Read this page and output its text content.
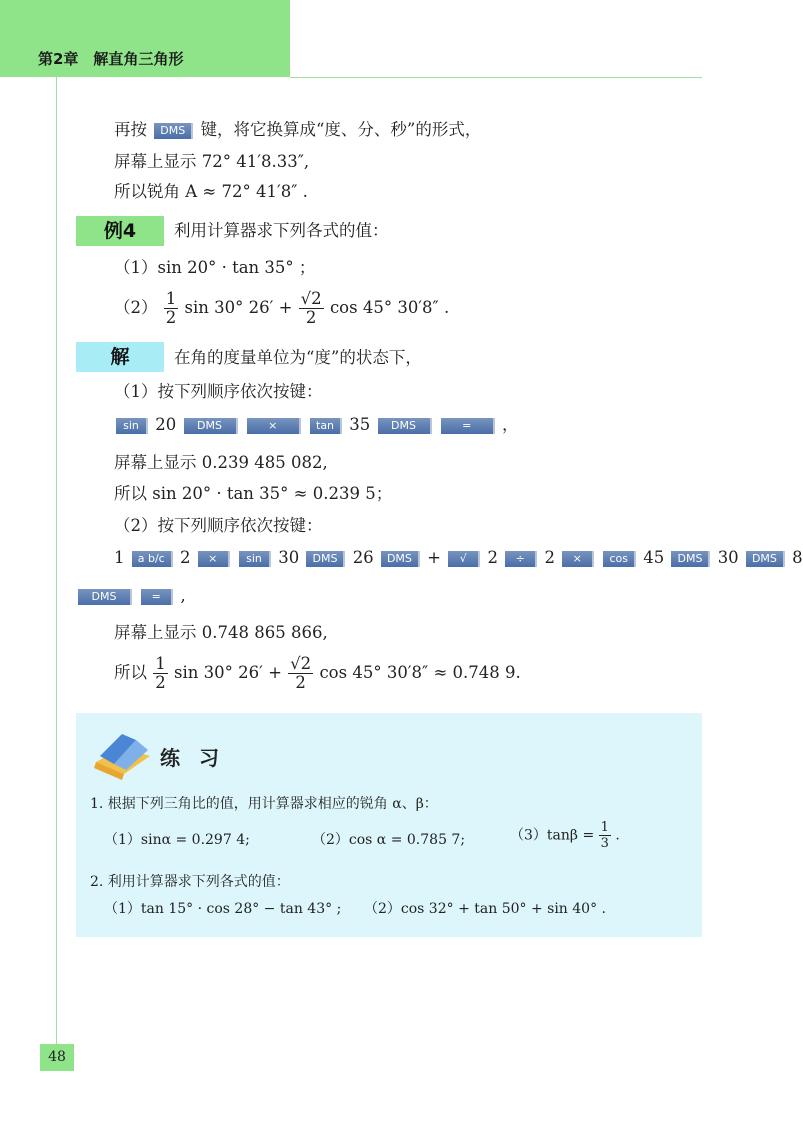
第2章　解直角三角形
再按 DMS 键，将它换算成“度、分、秒”的形式，
屏幕上显示 72° 41′8.33″,
所以锐角 A ≈ 72° 41′8″ .
例4	利用计算器求下列各式的值：
（1）sin 20° · tan 35° ；
$(2) \frac{1}{2}$ sin 30° $26' + \frac{√2}{2}$ cos 45° 30′8″ .
解	在角的度量单位为“度”的状态下，
（1）按下列顺序依次按键：
sin 20 DMS	×	tan 35 DMS	= ，
屏幕上显示 0.239 485 082,
所以 sin 20° · tan 35° ≈ 0.239 5；
（2）按下列顺序依次按键：
1 a b/c 2 ×	sin 30 DMS 26 DMS + √ 2 ÷ 2 ×	cos 45 DMS 30 DMS 8
DMS	= ,
屏幕上显示 0.748 865 866,
所以 $\frac{1}{2}$ sin 30° $26' + \frac{√2}{2}$ cos 45° 30′8″ ≈ 0.748 9.
练 习
1. 根据下列三角比的值，用计算器求相应的锐角 α、β：
（1）sinα = 0.297 4;	（2）cos α = 0.785 7;	$(3)\tan\beta = \frac{1}{3}$ .
2. 利用计算器求下列各式的值：
（1）tan 15° · cos 28° − tan 43° ; （2）cos 32° + tan 50° + sin 40° .
48
